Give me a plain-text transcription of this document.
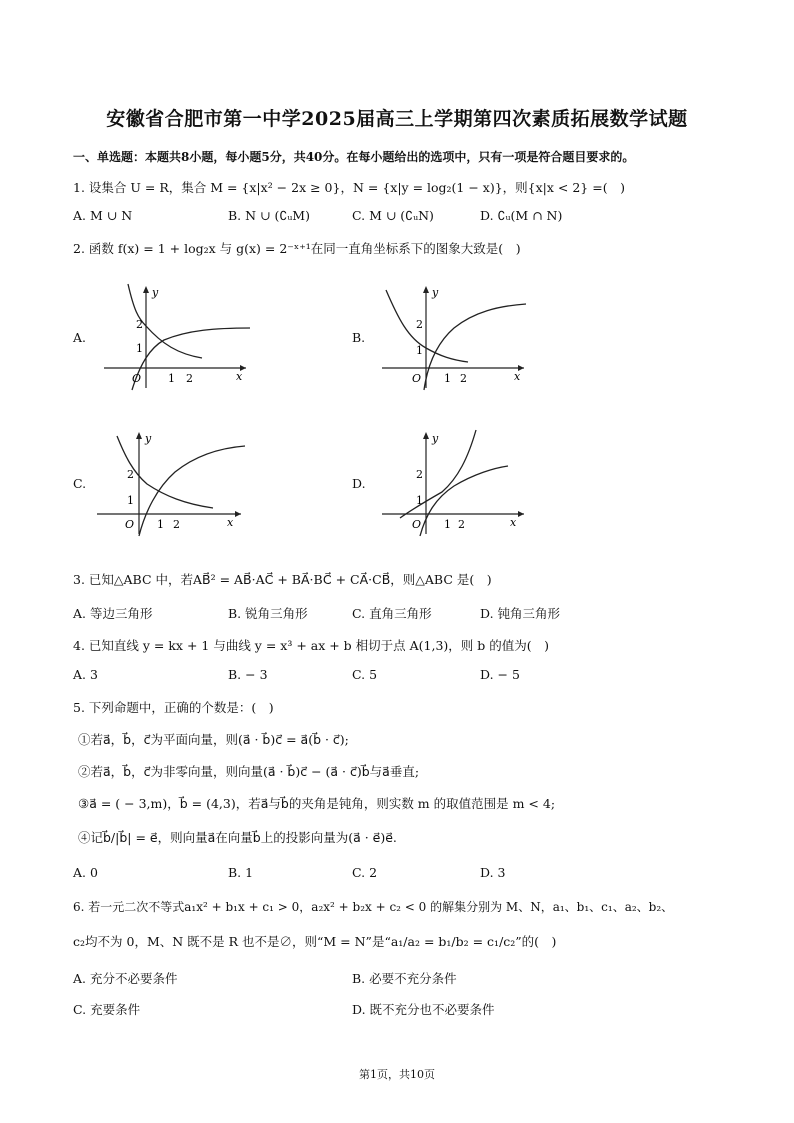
安徽省合肥市第一中学2025届高三上学期第四次素质拓展数学试题
一、单选题：本题共8小题，每小题5分，共40分。在每小题给出的选项中，只有一项是符合题目要求的。
1. 设集合 U = R，集合 M = {x|x² − 2x ≥ 0}，N = {x|y = log₂(1 − x)}，则{x|x < 2} =(　)
A. M ∪ N	B. N ∪ (∁ᵤM)	C. M ∪ (∁ᵤN)	D. ∁ᵤ(M ∩ N)
2. 函数 f(x) = 1 + log₂x 与 g(x) = 2⁻ˣ⁺¹在同一直角坐标系下的图象大致是(　)
A.	B.
C.	D.
y
x
O 1 2
1
2
y
x
O 1 2
1
2
y
x
O 1 2
1
2
y
x
O 1 2
1
2
3. 已知△ABC 中，若AB⃗² = AB⃗·AC⃗ + BA⃗·BC⃗ + CA⃗·CB⃗，则△ABC 是(　)
A. 等边三角形	B. 锐角三角形	C. 直角三角形	D. 钝角三角形
4. 已知直线 y = kx + 1 与曲线 y = x³ + ax + b 相切于点 A(1,3)，则 b 的值为(　)
A. 3	B. − 3	C. 5	D. − 5
5. 下列命题中，正确的个数是：(　)
①若a⃗，b⃗，c⃗为平面向量，则(a⃗ · b⃗)c⃗ = a⃗(b⃗ · c⃗);
②若a⃗，b⃗，c⃗为非零向量，则向量(a⃗ · b⃗)c⃗ − (a⃗ · c⃗)b⃗与a⃗垂直;
③a⃗ = ( − 3,m)，b⃗ = (4,3)，若a⃗与b⃗的夹角是钝角，则实数 m 的取值范围是 m < 4;
④记b⃗/|b⃗| = e⃗，则向量a⃗在向量b⃗上的投影向量为(a⃗ · e⃗)e⃗.
A. 0	B. 1	C. 2	D. 3
6. 若一元二次不等式a₁x² + b₁x + c₁ > 0，a₂x² + b₂x + c₂ < 0 的解集分别为 M、N，a₁、b₁、c₁、a₂、b₂、
c₂均不为 0，M、N 既不是 R 也不是∅，则“M = N”是“a₁/a₂ = b₁/b₂ = c₁/c₂”的(　)
A. 充分不必要条件	B. 必要不充分条件
C. 充要条件	D. 既不充分也不必要条件
第1页，共10页
